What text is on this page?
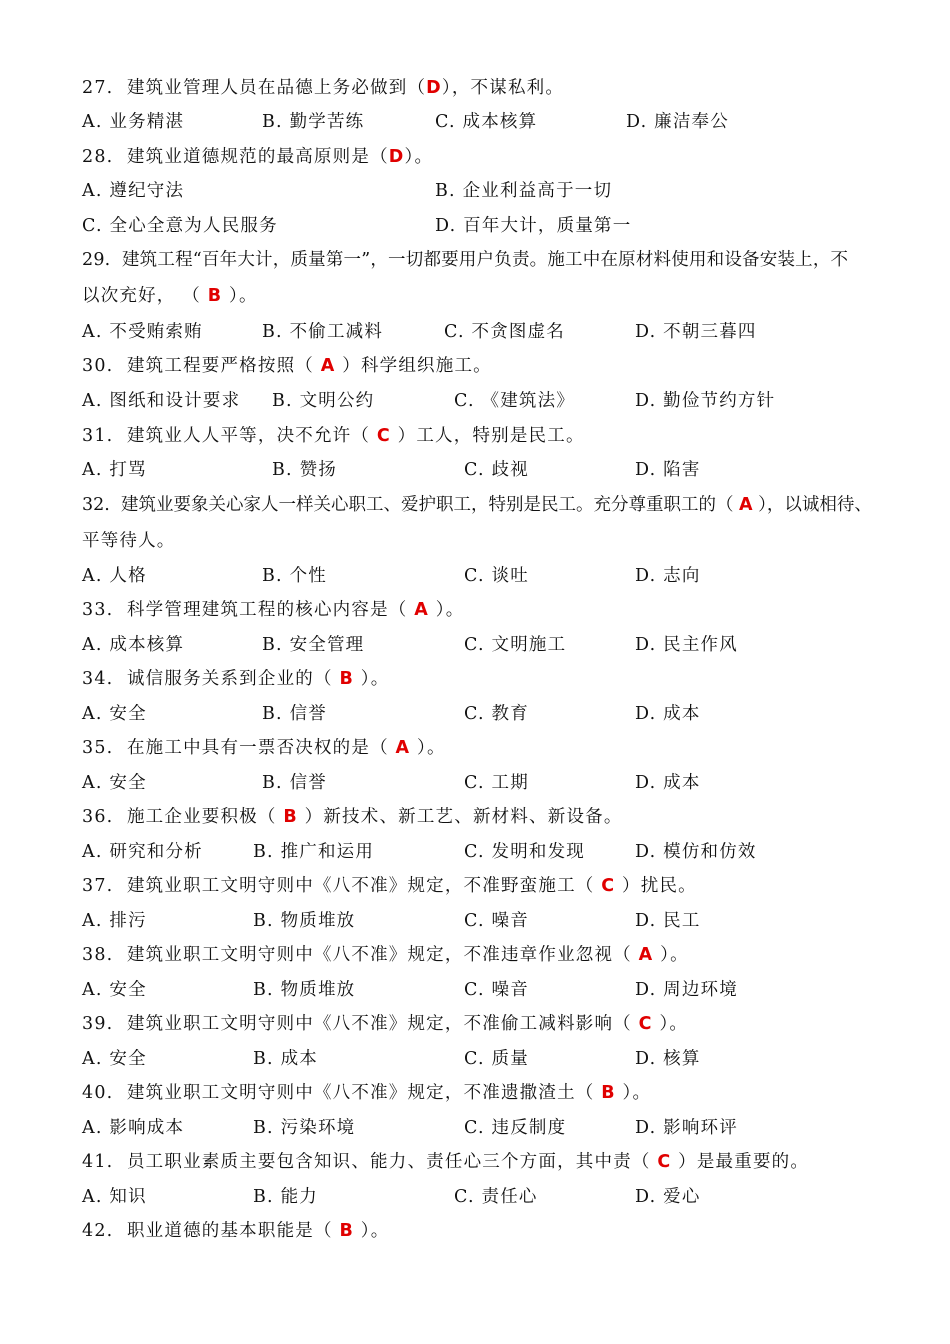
27. 建筑业管理人员在品德上务必做到（D），不谋私利。
A. 业务精湛	B. 勤学苦练	C. 成本核算	D. 廉洁奉公
28. 建筑业道德规范的最高原则是（D）。
A. 遵纪守法	B. 企业利益高于一切
C. 全心全意为人民服务	D. 百年大计，质量第一
29. 建筑工程“百年大计，质量第一”，一切都要用户负责。施工中在原材料使用和设备安装上，不
以次充好， （ B ）。
A. 不受贿索贿	B. 不偷工减料	C. 不贪图虚名	D. 不朝三暮四
30. 建筑工程要严格按照（ A ）科学组织施工。
A. 图纸和设计要求 B. 文明公约	C. 《建筑法》	D. 勤俭节约方针
31. 建筑业人人平等，决不允许（ C ）工人，特别是民工。
A. 打骂	B. 赞扬	C. 歧视	D. 陷害
32. 建筑业要象关心家人一样关心职工、爱护职工，特别是民工。充分尊重职工的（ A ），以诚相待、
平等待人。
A. 人格	B. 个性	C. 谈吐	D. 志向
33. 科学管理建筑工程的核心内容是（ A ）。
A. 成本核算	B. 安全管理	C. 文明施工	D. 民主作风
34. 诚信服务关系到企业的（ B ）。
A. 安全	B. 信誉	C. 教育	D. 成本
35. 在施工中具有一票否决权的是（ A ）。
A. 安全	B. 信誉	C. 工期	D. 成本
36. 施工企业要积极（ B ）新技术、新工艺、新材料、新设备。
A. 研究和分析	B. 推广和运用	C. 发明和发现	D. 模仿和仿效
37. 建筑业职工文明守则中《八不准》规定，不准野蛮施工（ C ）扰民。
A. 排污	B. 物质堆放	C. 噪音	D. 民工
38. 建筑业职工文明守则中《八不准》规定，不准违章作业忽视（ A ）。
A. 安全	B. 物质堆放	C. 噪音	D. 周边环境
39. 建筑业职工文明守则中《八不准》规定，不准偷工减料影响（ C ）。
A. 安全	B. 成本	C. 质量	D. 核算
40. 建筑业职工文明守则中《八不准》规定，不准遗撒渣土（ B ）。
A. 影响成本	B. 污染环境	C. 违反制度	D. 影响环评
41. 员工职业素质主要包含知识、能力、责任心三个方面，其中责（ C ）是最重要的。
A. 知识	B. 能力	C. 责任心	D. 爱心
42. 职业道德的基本职能是（ B ）。
